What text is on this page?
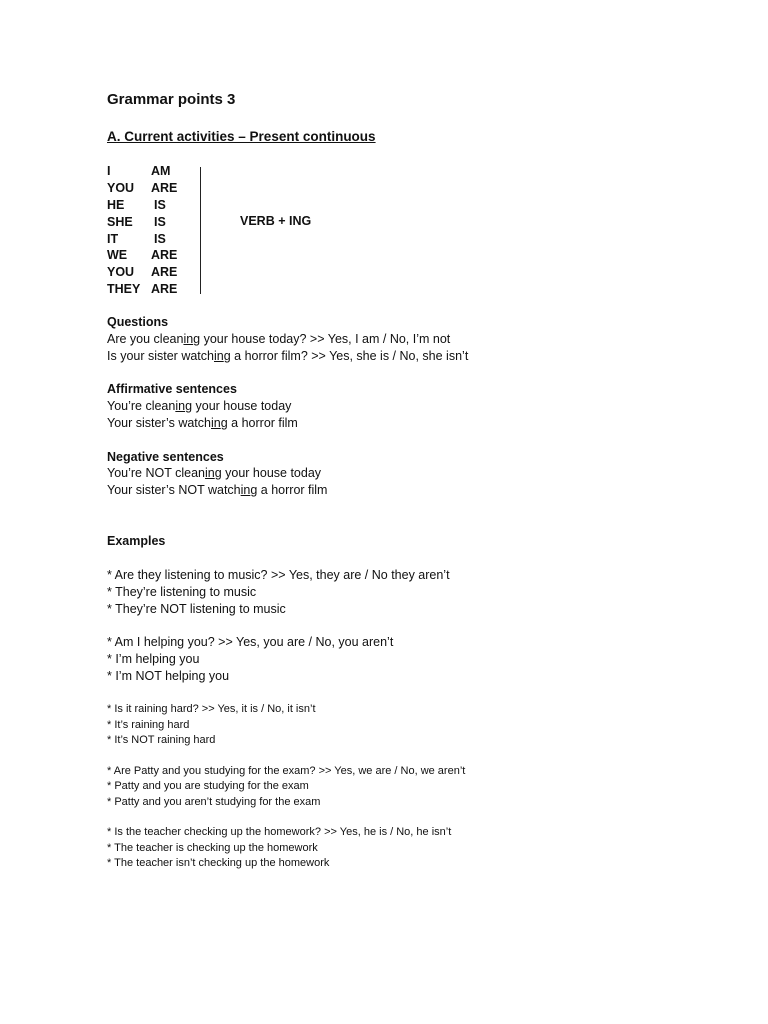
Grammar points 3
A. Current activities – Present continuous
I	AM
YOU ARE
HE IS
SHE IS
IT	IS
WE ARE
YOU ARE
THEY ARE
VERB + ING
Questions
Are you cleaning your house today? >> Yes, I am / No, I’m not
Is your sister watching a horror film? >> Yes, she is / No, she isn’t
Affirmative sentences
You’re cleaning your house today
Your sister’s watching a horror film
Negative sentences
You’re NOT cleaning your house today
Your sister’s NOT watching a horror film
Examples
* Are they listening to music? >> Yes, they are / No they aren’t
* They’re listening to music
* They’re NOT listening to music
* Am I helping you? >> Yes, you are / No, you aren’t
* I’m helping you
* I’m NOT helping you
* Is it raining hard? >> Yes, it is / No, it isn’t
* It’s raining hard
* It’s NOT raining hard
* Are Patty and you studying for the exam? >> Yes, we are / No, we aren’t
* Patty and you are studying for the exam
* Patty and you aren’t studying for the exam
* Is the teacher checking up the homework? >> Yes, he is / No, he isn’t
* The teacher is checking up the homework
* The teacher isn’t checking up the homework
